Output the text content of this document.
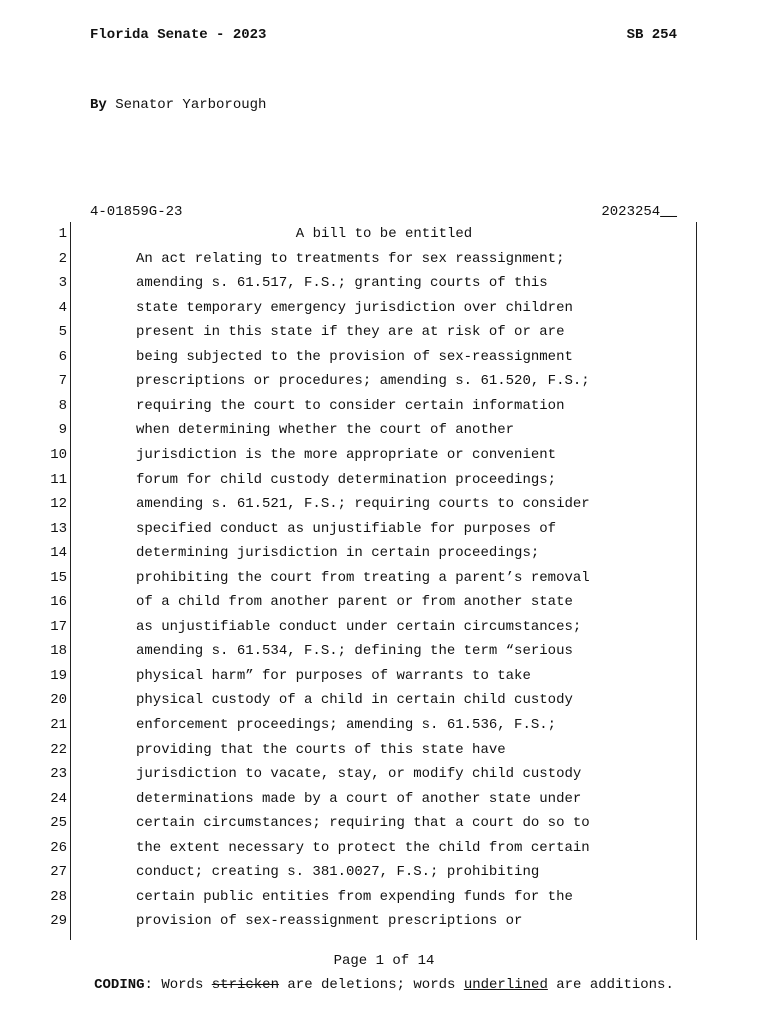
Florida Senate - 2023	SB 254
By Senator Yarborough
4-01859G-23	2023254__
1	A bill to be entitled
2	An act relating to treatments for sex reassignment;
3	amending s. 61.517, F.S.; granting courts of this
4	state temporary emergency jurisdiction over children
5	present in this state if they are at risk of or are
6	being subjected to the provision of sex-reassignment
7	prescriptions or procedures; amending s. 61.520, F.S.;
8	requiring the court to consider certain information
9	when determining whether the court of another
10	jurisdiction is the more appropriate or convenient
11	forum for child custody determination proceedings;
12	amending s. 61.521, F.S.; requiring courts to consider
13	specified conduct as unjustifiable for purposes of
14	determining jurisdiction in certain proceedings;
15	prohibiting the court from treating a parent’s removal
16	of a child from another parent or from another state
17	as unjustifiable conduct under certain circumstances;
18	amending s. 61.534, F.S.; defining the term “serious
19	physical harm” for purposes of warrants to take
20	physical custody of a child in certain child custody
21	enforcement proceedings; amending s. 61.536, F.S.;
22	providing that the courts of this state have
23	jurisdiction to vacate, stay, or modify child custody
24	determinations made by a court of another state under
25	certain circumstances; requiring that a court do so to
26	the extent necessary to protect the child from certain
27	conduct; creating s. 381.0027, F.S.; prohibiting
28	certain public entities from expending funds for the
29	provision of sex-reassignment prescriptions or
Page 1 of 14
CODING: Words stricken are deletions; words underlined are additions.
